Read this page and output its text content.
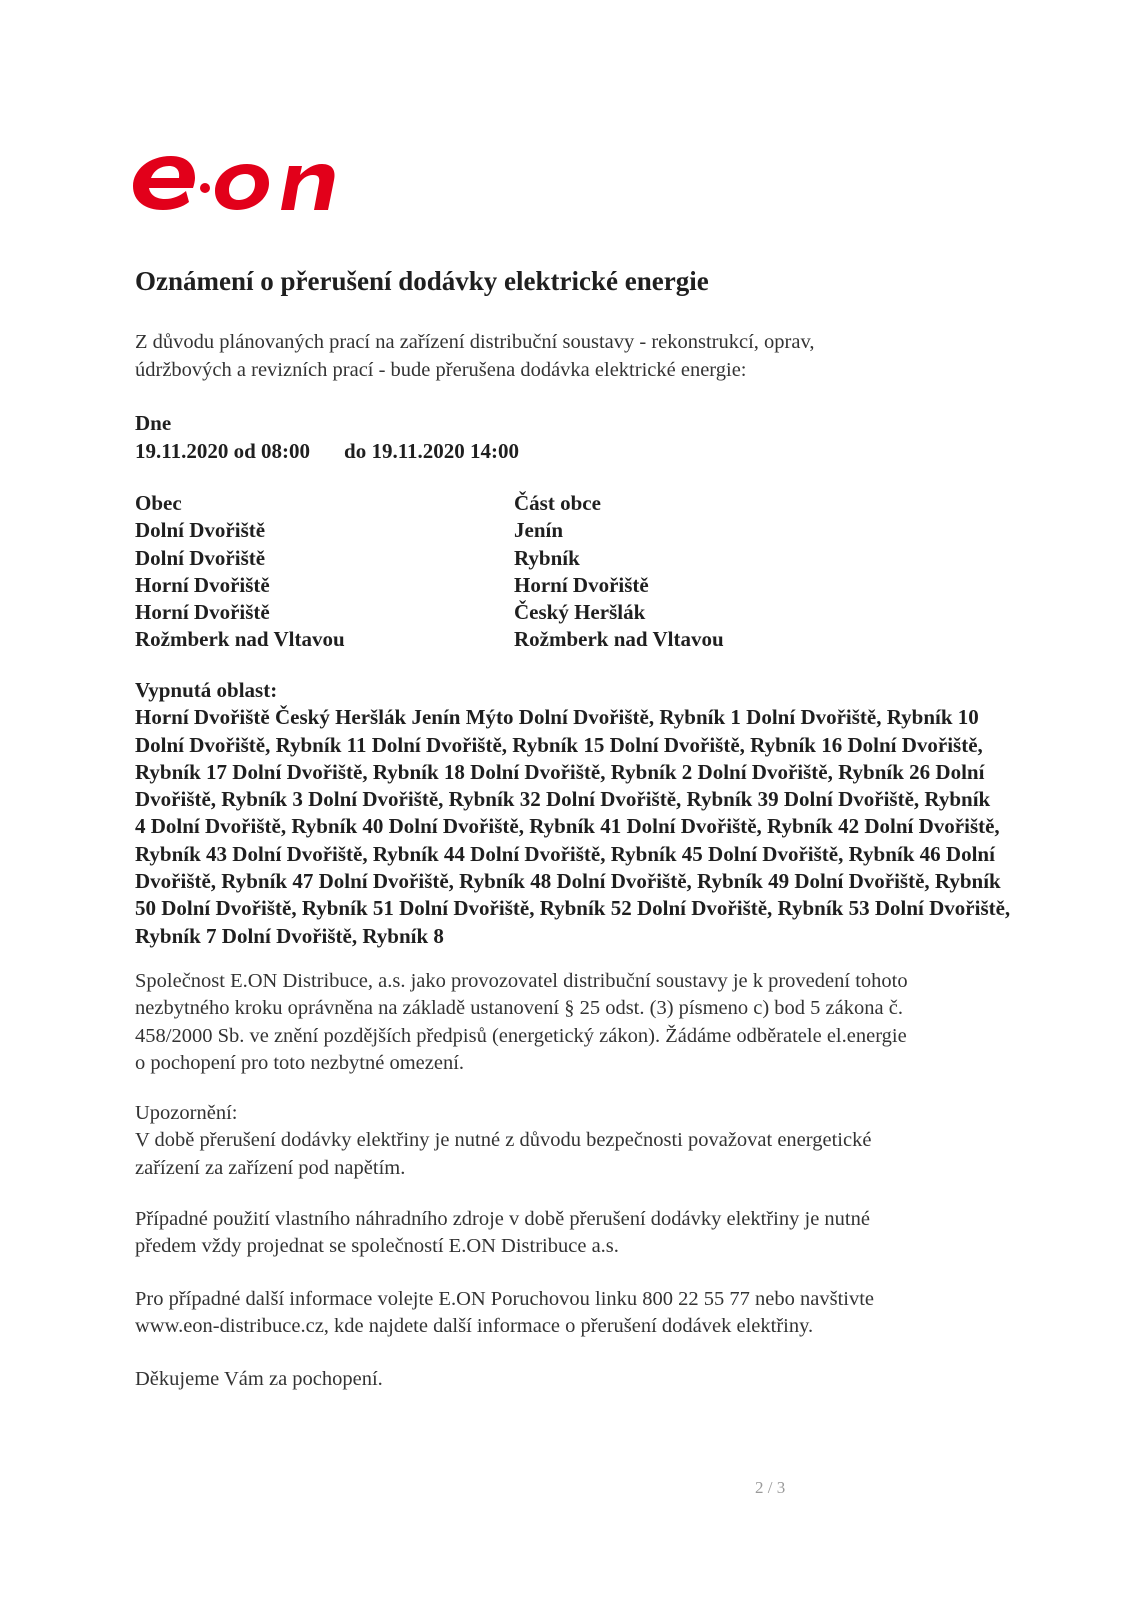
Oznámení o přerušení dodávky elektrické energie
Z důvodu plánovaných prací na zařízení distribuční soustavy - rekonstrukcí, oprav,
údržbových a revizních prací - bude přerušena dodávka elektrické energie:
Dne
19.11.2020 od 08:00 do 19.11.2020 14:00
Obec	Část obce
Dolní Dvořiště	Jenín
Dolní Dvořiště	Rybník
Horní Dvořiště	Horní Dvořiště
Horní Dvořiště	Český Heršlák
Rožmberk nad Vltavou	Rožmberk nad Vltavou
Vypnutá oblast:
Horní Dvořiště Český Heršlák Jenín Mýto Dolní Dvořiště, Rybník 1 Dolní Dvořiště, Rybník 10
Dolní Dvořiště, Rybník 11 Dolní Dvořiště, Rybník 15 Dolní Dvořiště, Rybník 16 Dolní Dvořiště,
Rybník 17 Dolní Dvořiště, Rybník 18 Dolní Dvořiště, Rybník 2 Dolní Dvořiště, Rybník 26 Dolní
Dvořiště, Rybník 3 Dolní Dvořiště, Rybník 32 Dolní Dvořiště, Rybník 39 Dolní Dvořiště, Rybník
4 Dolní Dvořiště, Rybník 40 Dolní Dvořiště, Rybník 41 Dolní Dvořiště, Rybník 42 Dolní Dvořiště,
Rybník 43 Dolní Dvořiště, Rybník 44 Dolní Dvořiště, Rybník 45 Dolní Dvořiště, Rybník 46 Dolní
Dvořiště, Rybník 47 Dolní Dvořiště, Rybník 48 Dolní Dvořiště, Rybník 49 Dolní Dvořiště, Rybník
50 Dolní Dvořiště, Rybník 51 Dolní Dvořiště, Rybník 52 Dolní Dvořiště, Rybník 53 Dolní Dvořiště,
Rybník 7 Dolní Dvořiště, Rybník 8
Společnost E.ON Distribuce, a.s. jako provozovatel distribuční soustavy je k provedení tohoto
nezbytného kroku oprávněna na základě ustanovení § 25 odst. (3) písmeno c) bod 5 zákona č.
458/2000 Sb. ve znění pozdějších předpisů (energetický zákon). Žádáme odběratele el.energie
o pochopení pro toto nezbytné omezení.
Upozornění:
V době přerušení dodávky elektřiny je nutné z důvodu bezpečnosti považovat energetické
zařízení za zařízení pod napětím.
Případné použití vlastního náhradního zdroje v době přerušení dodávky elektřiny je nutné
předem vždy projednat se společností E.ON Distribuce a.s.
Pro případné další informace volejte E.ON Poruchovou linku 800 22 55 77 nebo navštivte
www.eon-distribuce.cz, kde najdete další informace o přerušení dodávek elektřiny.
Děkujeme Vám za pochopení.
2 / 3
